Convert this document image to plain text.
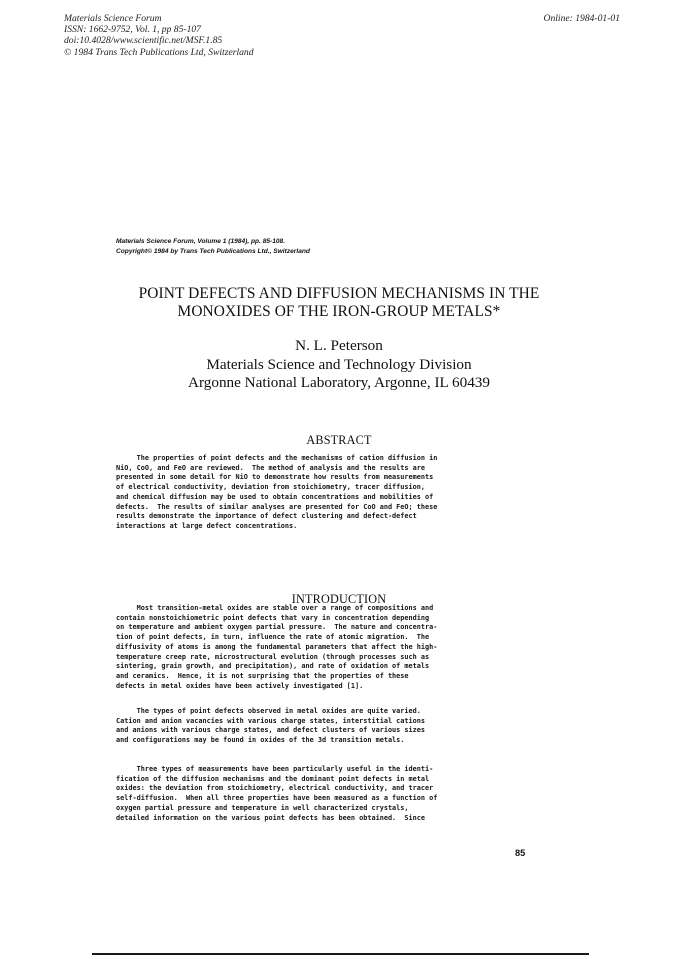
Materials Science Forum
ISSN: 1662-9752, Vol. 1, pp 85-107
doi:10.4028/www.scientific.net/MSF.1.85
© 1984 Trans Tech Publications Ltd, Switzerland
Online: 1984-01-01
Materials Science Forum, Volume 1 (1984), pp. 85-108.
Copyright© 1984 by Trans Tech Publications Ltd., Switzerland
POINT DEFECTS AND DIFFUSION MECHANISMS IN THE
MONOXIDES OF THE IRON-GROUP METALS*
N. L. Peterson
Materials Science and Technology Division
Argonne National Laboratory, Argonne, IL 60439
ABSTRACT
The properties of point defects and the mechanisms of cation diffusion in
NiO, CoO, and FeO are reviewed.  The method of analysis and the results are
presented in some detail for NiO to demonstrate how results from measurements
of electrical conductivity, deviation from stoichiometry, tracer diffusion,
and chemical diffusion may be used to obtain concentrations and mobilities of
defects.  The results of similar analyses are presented for CoO and FeO; these
results demonstrate the importance of defect clustering and defect-defect
interactions at large defect concentrations.
INTRODUCTION
Most transition-metal oxides are stable over a range of compositions and
contain nonstoichiometric point defects that vary in concentration depending
on temperature and ambient oxygen partial pressure.  The nature and concentra-
tion of point defects, in turn, influence the rate of atomic migration.  The
diffusivity of atoms is among the fundamental parameters that affect the high-
temperature creep rate, microstructural evolution (through processes such as
sintering, grain growth, and precipitation), and rate of oxidation of metals
and ceramics.  Hence, it is not surprising that the properties of these
defects in metal oxides have been actively investigated [1].
The types of point defects observed in metal oxides are quite varied.
Cation and anion vacancies with various charge states, interstitial cations
and anions with various charge states, and defect clusters of various sizes
and configurations may be found in oxides of the 3d transition metals.
Three types of measurements have been particularly useful in the identi-
fication of the diffusion mechanisms and the dominant point defects in metal
oxides: the deviation from stoichiometry, electrical conductivity, and tracer
self-diffusion.  When all three properties have been measured as a function of
oxygen partial pressure and temperature in well characterized crystals,
detailed information on the various point defects has been obtained.  Since
85
